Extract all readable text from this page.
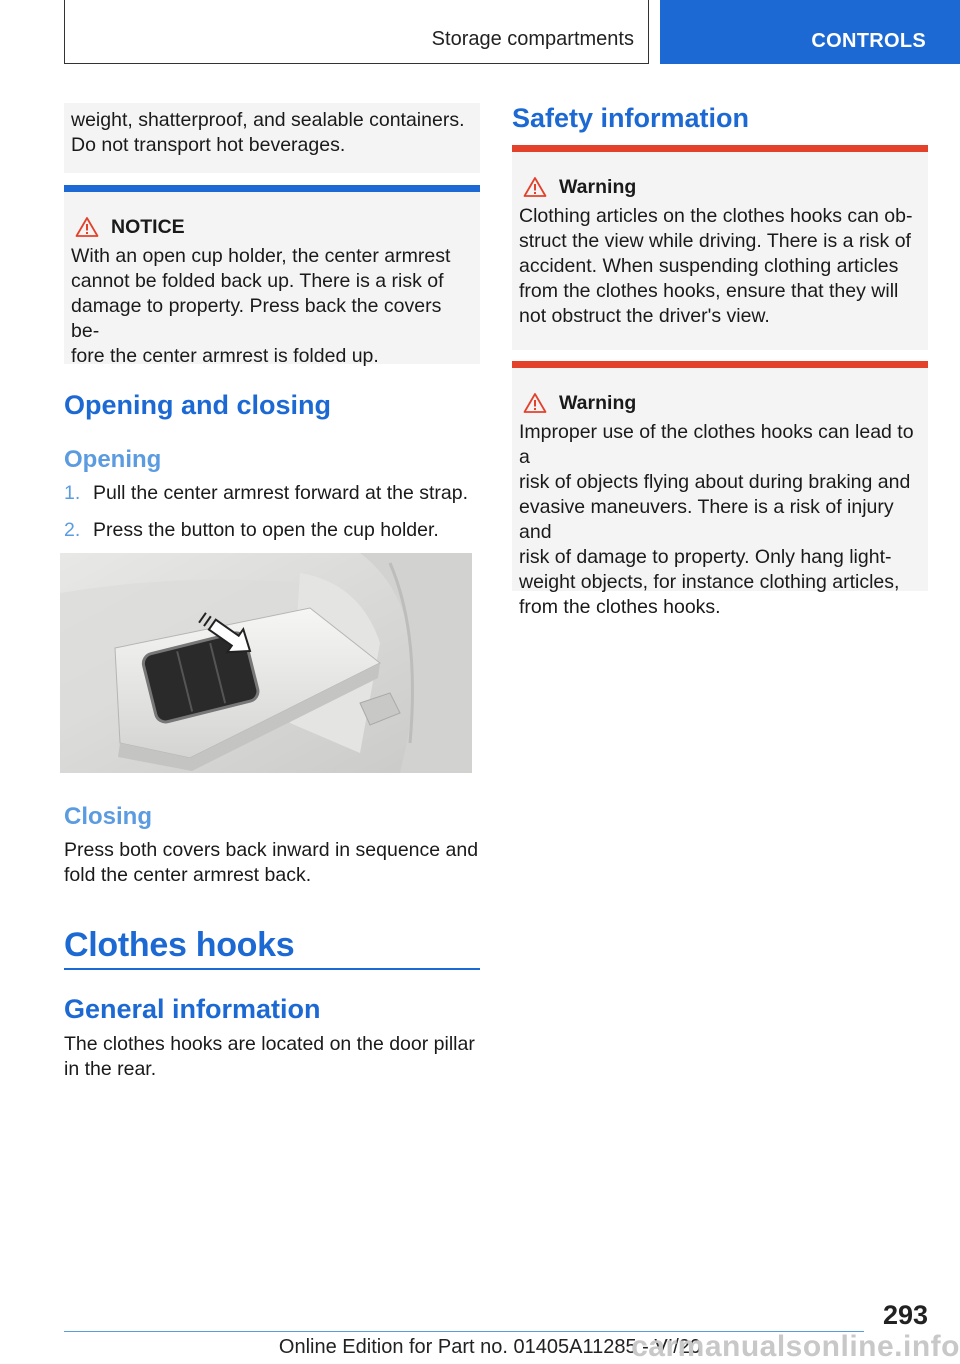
Storage compartments	CONTROLS

weight, shatterproof, and sealable containers.

Do not transport hot beverages.

NOTICE

With an open cup holder, the center armrest

cannot be folded back up. There is a risk of

damage to property. Press back the covers be-

fore the center armrest is folded up.

Opening and closing
Opening
1. Pull the center armrest forward at the strap.
2. Press the button to open the cup holder.
Closing

Press both covers back inward in sequence and

fold the center armrest back.

Clothes hooks
General information

The clothes hooks are located on the door pillar

in the rear.

Safety information
Warning

Clothing articles on the clothes hooks can ob-

struct the view while driving. There is a risk of

accident. When suspending clothing articles

from the clothes hooks, ensure that they will

not obstruct the driver's view.

Warning

Improper use of the clothes hooks can lead to a

risk of objects flying about during braking and

evasive maneuvers. There is a risk of injury and

risk of damage to property. Only hang light-

weight objects, for instance clothing articles,

from the clothes hooks.

293
Online Edition for Part no. 01405A11285 - VI/20
carmanualsonline.info
